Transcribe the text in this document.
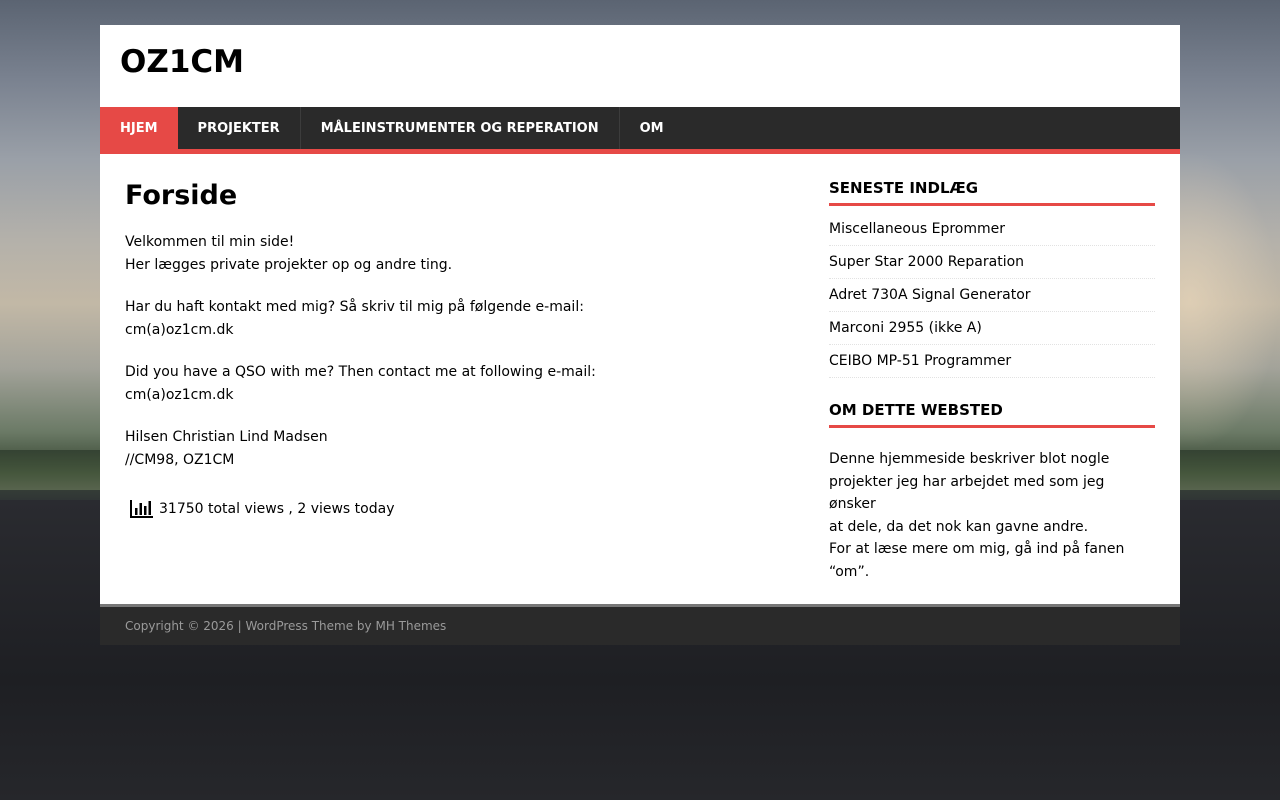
OZ1CM
HJEM	PROJEKTER	MÅLEINSTRUMENTER OG REPERATION	OM
Forside

Velkommen til min side!
Her lægges private projekter op og andre ting.

Har du haft kontakt med mig? Så skriv til mig på følgende e-mail:
cm(a)oz1cm.dk

Did you have a QSO with me? Then contact me at following e-mail:
cm(a)oz1cm.dk

Hilsen Christian Lind Madsen
//CM98, OZ1CM

31750 total views , 2 views today
SENESTE INDLÆG
Miscellaneous Eprommer
Super Star 2000 Reparation
Adret 730A Signal Generator
Marconi 2955 (ikke A)
CEIBO MP-51 Programmer
OM DETTE WEBSTED

Denne hjemmeside beskriver blot nogle
projekter jeg har arbejdet med som jeg ønsker
at dele, da det nok kan gavne andre.
For at læse mere om mig, gå ind på fanen “om”.

Copyright © 2026 | WordPress Theme by MH Themes
